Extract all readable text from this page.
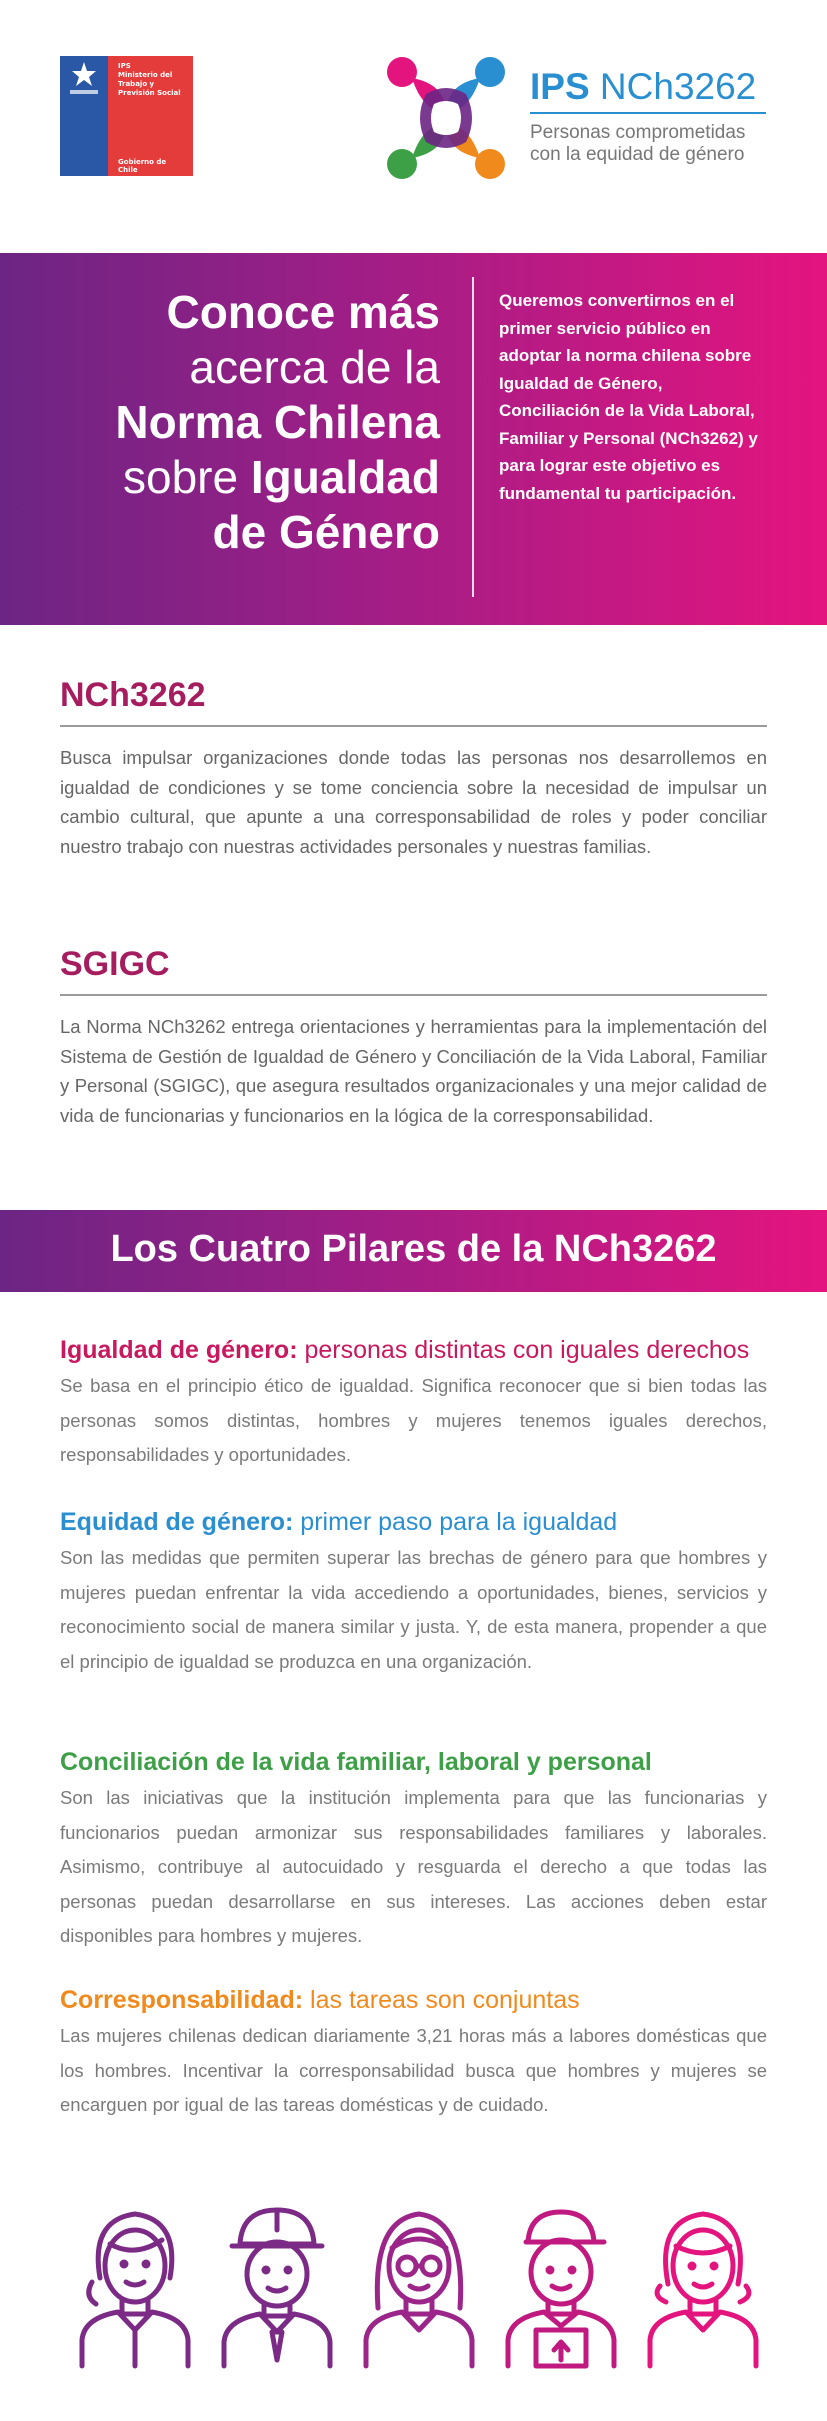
IPS
Ministerio del Trabajo y Previsión Social
Gobierno de Chile
IPS NCh3262
Personas comprometidas
con la equidad de género
Conoce más
acerca de la
Norma Chilena
sobre Igualdad
de Género
Queremos convertirnos en el primer servicio público en adoptar la norma chilena sobre Igualdad de Género, Conciliación de la Vida Laboral, Familiar y Personal (NCh3262) y para lograr este objetivo es fundamental tu participación.
NCh3262
Busca impulsar organizaciones donde todas las personas nos desarrollemos en igualdad de condiciones y se tome conciencia sobre la necesidad de impulsar un cambio cultural, que apunte a una corresponsabilidad de roles y poder conciliar nuestro trabajo con nuestras actividades personales y nuestras familias.
SGIGC
La Norma NCh3262 entrega orientaciones y herramientas para la implementación del Sistema de Gestión de Igualdad de Género y Conciliación de la Vida Laboral, Familiar y Personal (SGIGC), que asegura resultados organizacionales y una mejor calidad de vida de funcionarias y funcionarios en la lógica de la corresponsabilidad.
Los Cuatro Pilares de la NCh3262
Igualdad de género: personas distintas con iguales derechos
Se basa en el principio ético de igualdad. Significa reconocer que si bien todas las personas somos distintas, hombres y mujeres tenemos iguales derechos, responsabilidades y oportunidades.
Equidad de género: primer paso para la igualdad
Son las medidas que permiten superar las brechas de género para que hombres y mujeres puedan enfrentar la vida accediendo a oportunidades, bienes, servicios y reconocimiento social de manera similar y justa. Y, de esta manera, propender a que el principio de igualdad se produzca en una organización.
Conciliación de la vida familiar, laboral y personal
Son las iniciativas que la institución implementa para que las funcionarias y funcionarios puedan armonizar sus responsabilidades familiares y laborales. Asimismo, contribuye al autocuidado y resguarda el derecho a que todas las personas puedan desarrollarse en sus intereses. Las acciones deben estar disponibles para hombres y mujeres.
Corresponsabilidad: las tareas son conjuntas
Las mujeres chilenas dedican diariamente 3,21 horas más a labores domésticas que los hombres. Incentivar la corresponsabilidad busca que hombres y mujeres se encarguen por igual de las tareas domésticas y de cuidado.
